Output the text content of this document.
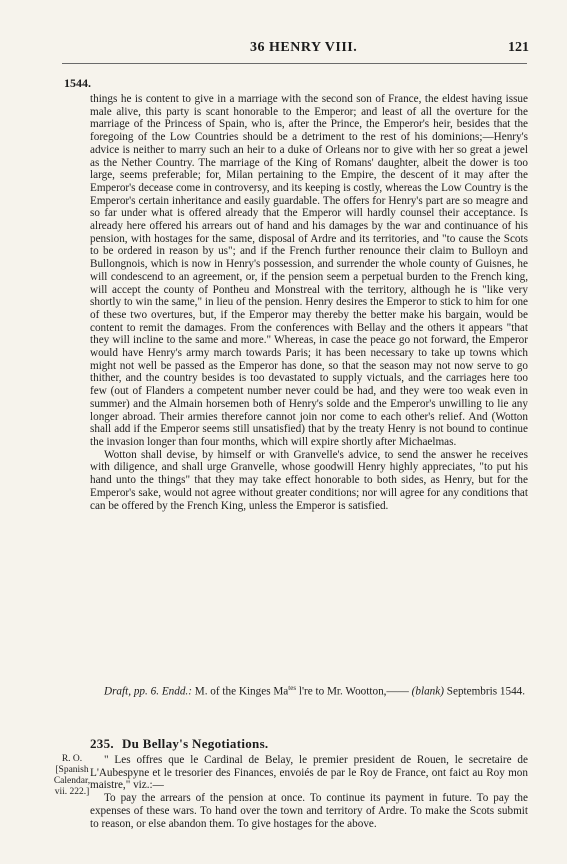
36 HENRY VIII.	121
1544.

things he is content to give in a marriage with the second son of France, the eldest having issue male alive, this party is scant honorable to the Emperor; and least of all the overture for the marriage of the Princess of Spain, who is, after the Prince, the Emperor's heir, besides that the foregoing of the Low Countries should be a detriment to the rest of his dominions;—Henry's advice is neither to marry such an heir to a duke of Orleans nor to give with her so great a jewel as the Nether Country. The marriage of the King of Romans' daughter, albeit the dower is too large, seems preferable; for, Milan pertaining to the Empire, the descent of it may after the Emperor's decease come in controversy, and its keeping is costly, whereas the Low Country is the Emperor's certain inheritance and easily guardable. The offers for Henry's part are so meagre and so far under what is offered already that the Emperor will hardly counsel their acceptance. Is already here offered his arrears out of hand and his damages by the war and continuance of his pension, with hostages for the same, disposal of Ardre and its territories, and "to cause the Scots to be ordered in reason by us"; and if the French further renounce their claim to Bulloyn and Bullongnois, which is now in Henry's possession, and surrender the whole county of Guisnes, he will condescend to an agreement, or, if the pension seem a perpetual burden to the French king, will accept the county of Pontheu and Monstreal with the territory, although he is "like very shortly to win the same," in lieu of the pension. Henry desires the Emperor to stick to him for one of these two overtures, but, if the Emperor may thereby the better make his bargain, would be content to remit the damages. From the conferences with Bellay and the others it appears "that they will incline to the same and more." Whereas, in case the peace go not forward, the Emperor would have Henry's army march towards Paris; it has been necessary to take up towns which might not well be passed as the Emperor has done, so that the season may not now serve to go thither, and the country besides is too devastated to supply victuals, and the carriages here too few (out of Flanders a competent number never could be had, and they were too weak even in summer) and the Almain horsemen both of Henry's solde and the Emperor's unwilling to lie any longer abroad. Their armies therefore cannot join nor come to each other's relief. And (Wotton shall add if the Emperor seems still unsatisfied) that by the treaty Henry is not bound to continue the invasion longer than four months, which will expire shortly after Michaelmas.

Wotton shall devise, by himself or with Granvelle's advice, to send the answer he receives with diligence, and shall urge Granvelle, whose goodwill Henry highly appreciates, "to put his hand unto the things" that they may take effect honorable to both sides, as Henry, but for the Emperor's sake, would not agree without greater conditions; nor will agree for any conditions that can be offered by the French King, unless the Emperor is satisfied.

Draft, pp. 6. Endd.: M. of the Kinges $Ma^{tes}$ l're to Mr. Wootton,—— (blank) Septembris 1544.

235. Du Bellay's Negotiations.
R. O.
[Spanish
Calendar,
vii. 222.]

" Les offres que le Cardinal de Belay, le premier president de Rouen, le secretaire de L'Aubespyne et le tresorier des Finances, envoiés de par le Roy de France, ont faict au Roy mon maistre," viz.:—

To pay the arrears of the pension at once. To continue its payment in future. To pay the expenses of these wars. To hand over the town and territory of Ardre. To make the Scots submit to reason, or else abandon them. To give hostages for the above.
